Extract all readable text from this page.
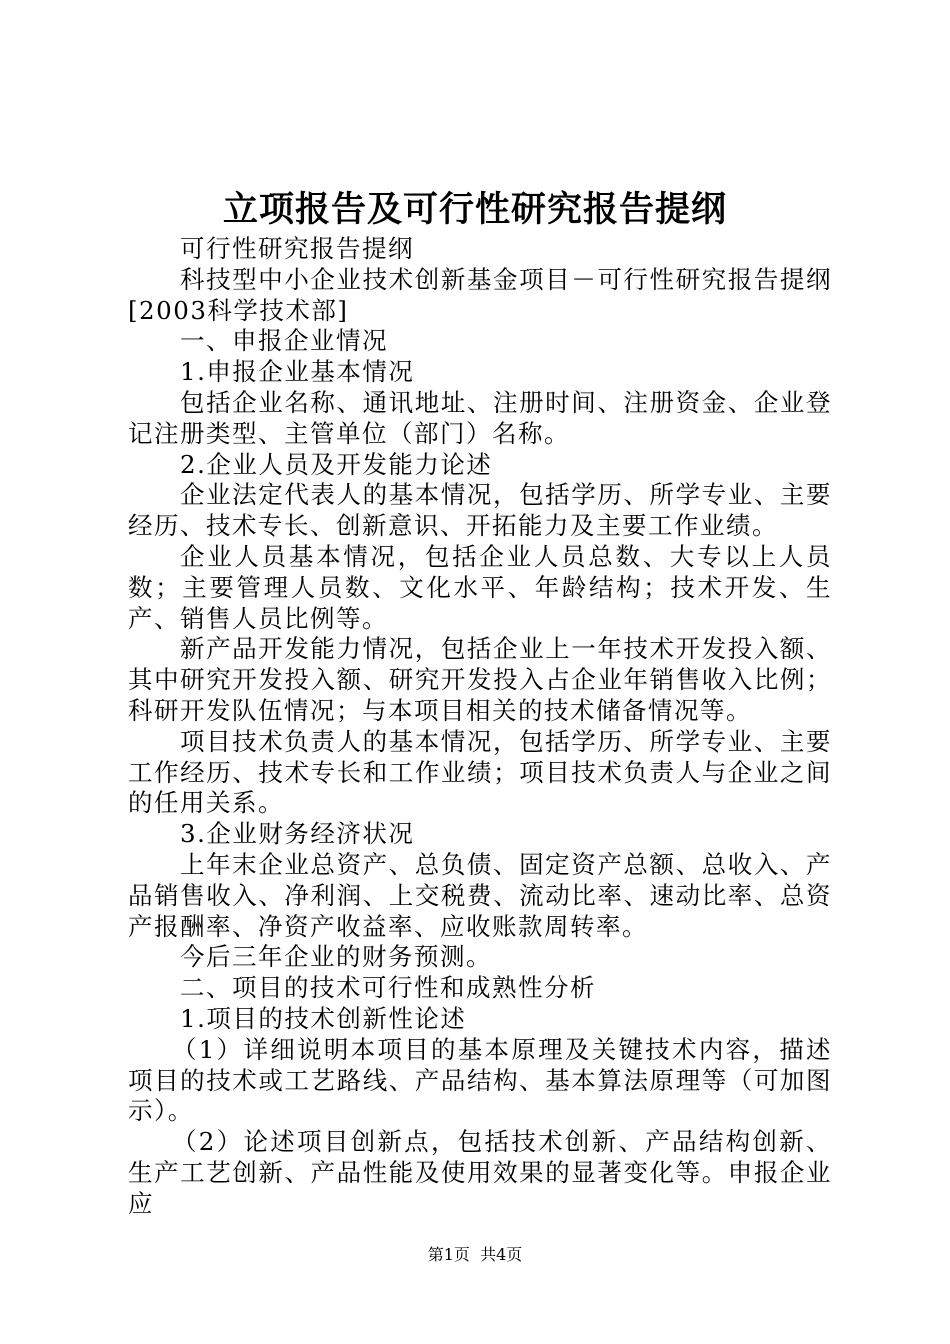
立项报告及可行性研究报告提纲

可行性研究报告提纲

科技型中小企业技术创新基金项目－可行性研究报告提纲[2003科学技术部]

一、申报企业情况

1.申报企业基本情况

包括企业名称、通讯地址、注册时间、注册资金、企业登记注册类型、主管单位（部门）名称。

2.企业人员及开发能力论述

企业法定代表人的基本情况，包括学历、所学专业、主要经历、技术专长、创新意识、开拓能力及主要工作业绩。

企业人员基本情况，包括企业人员总数、大专以上人员数；主要管理人员数、文化水平、年龄结构；技术开发、生产、销售人员比例等。

新产品开发能力情况，包括企业上一年技术开发投入额、其中研究开发投入额、研究开发投入占企业年销售收入比例；科研开发队伍情况；与本项目相关的技术储备情况等。

项目技术负责人的基本情况，包括学历、所学专业、主要工作经历、技术专长和工作业绩；项目技术负责人与企业之间的任用关系。

3.企业财务经济状况

上年末企业总资产、总负债、固定资产总额、总收入、产品销售收入、净利润、上交税费、流动比率、速动比率、总资产报酬率、净资产收益率、应收账款周转率。

今后三年企业的财务预测。

二、项目的技术可行性和成熟性分析

1.项目的技术创新性论述

（1）详细说明本项目的基本原理及关键技术内容，描述项目的技术或工艺路线、产品结构、基本算法原理等（可加图示）。

（2）论述项目创新点，包括技术创新、产品结构创新、生产工艺创新、产品性能及使用效果的显著变化等。申报企业应

第1页 共4页
